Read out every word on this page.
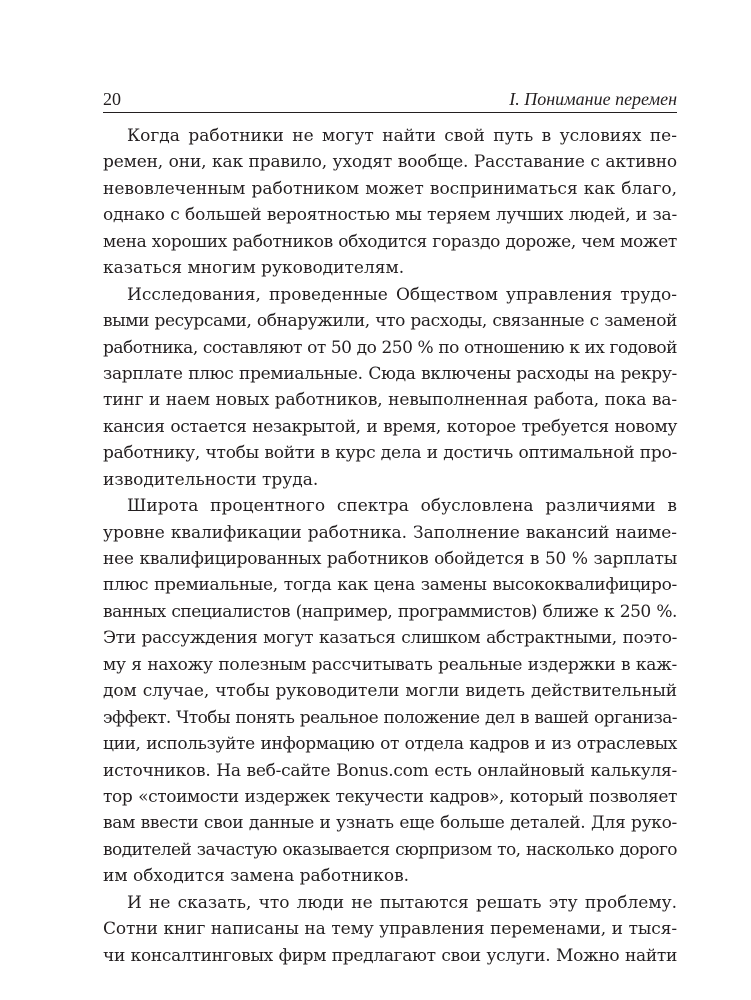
20	I. Понимание перемен
Когда работники не могут найти свой путь в условиях пе-
ремен, они, как правило, уходят вообще. Расставание с активно
невовлеченным работником может восприниматься как благо,
однако с большей вероятностью мы теряем лучших людей, и за-
мена хороших работников обходится гораздо дороже, чем может
казаться многим руководителям.
Исследования, проведенные Обществом управления трудо-
выми ресурсами, обнаружили, что расходы, связанные с заменой
работника, составляют от 50 до 250 % по отношению к их годовой
зарплате плюс премиальные. Сюда включены расходы на рекру-
тинг и наем новых работников, невыполненная работа, пока ва-
кансия остается незакрытой, и время, которое требуется новому
работнику, чтобы войти в курс дела и достичь оптимальной про-
изводительности труда.
Широта процентного спектра обусловлена различиями в
уровне квалификации работника. Заполнение вакансий наиме-
нее квалифицированных работников обойдется в 50 % зарплаты
плюс премиальные, тогда как цена замены высококвалифициро-
ванных специалистов (например, программистов) ближе к 250 %.
Эти рассуждения могут казаться слишком абстрактными, поэто-
му я нахожу полезным рассчитывать реальные издержки в каж-
дом случае, чтобы руководители могли видеть действительный
эффект. Чтобы понять реальное положение дел в вашей организа-
ции, используйте информацию от отдела кадров и из отраслевых
источников. На веб-сайте Bonus.com есть онлайновый калькуля-
тор «стоимости издержек текучести кадров», который позволяет
вам ввести свои данные и узнать еще больше деталей. Для руко-
водителей зачастую оказывается сюрпризом то, насколько дорого
им обходится замена работников.
И не сказать, что люди не пытаются решать эту проблему.
Сотни книг написаны на тему управления переменами, и тыся-
чи консалтинговых фирм предлагают свои услуги. Можно найти
